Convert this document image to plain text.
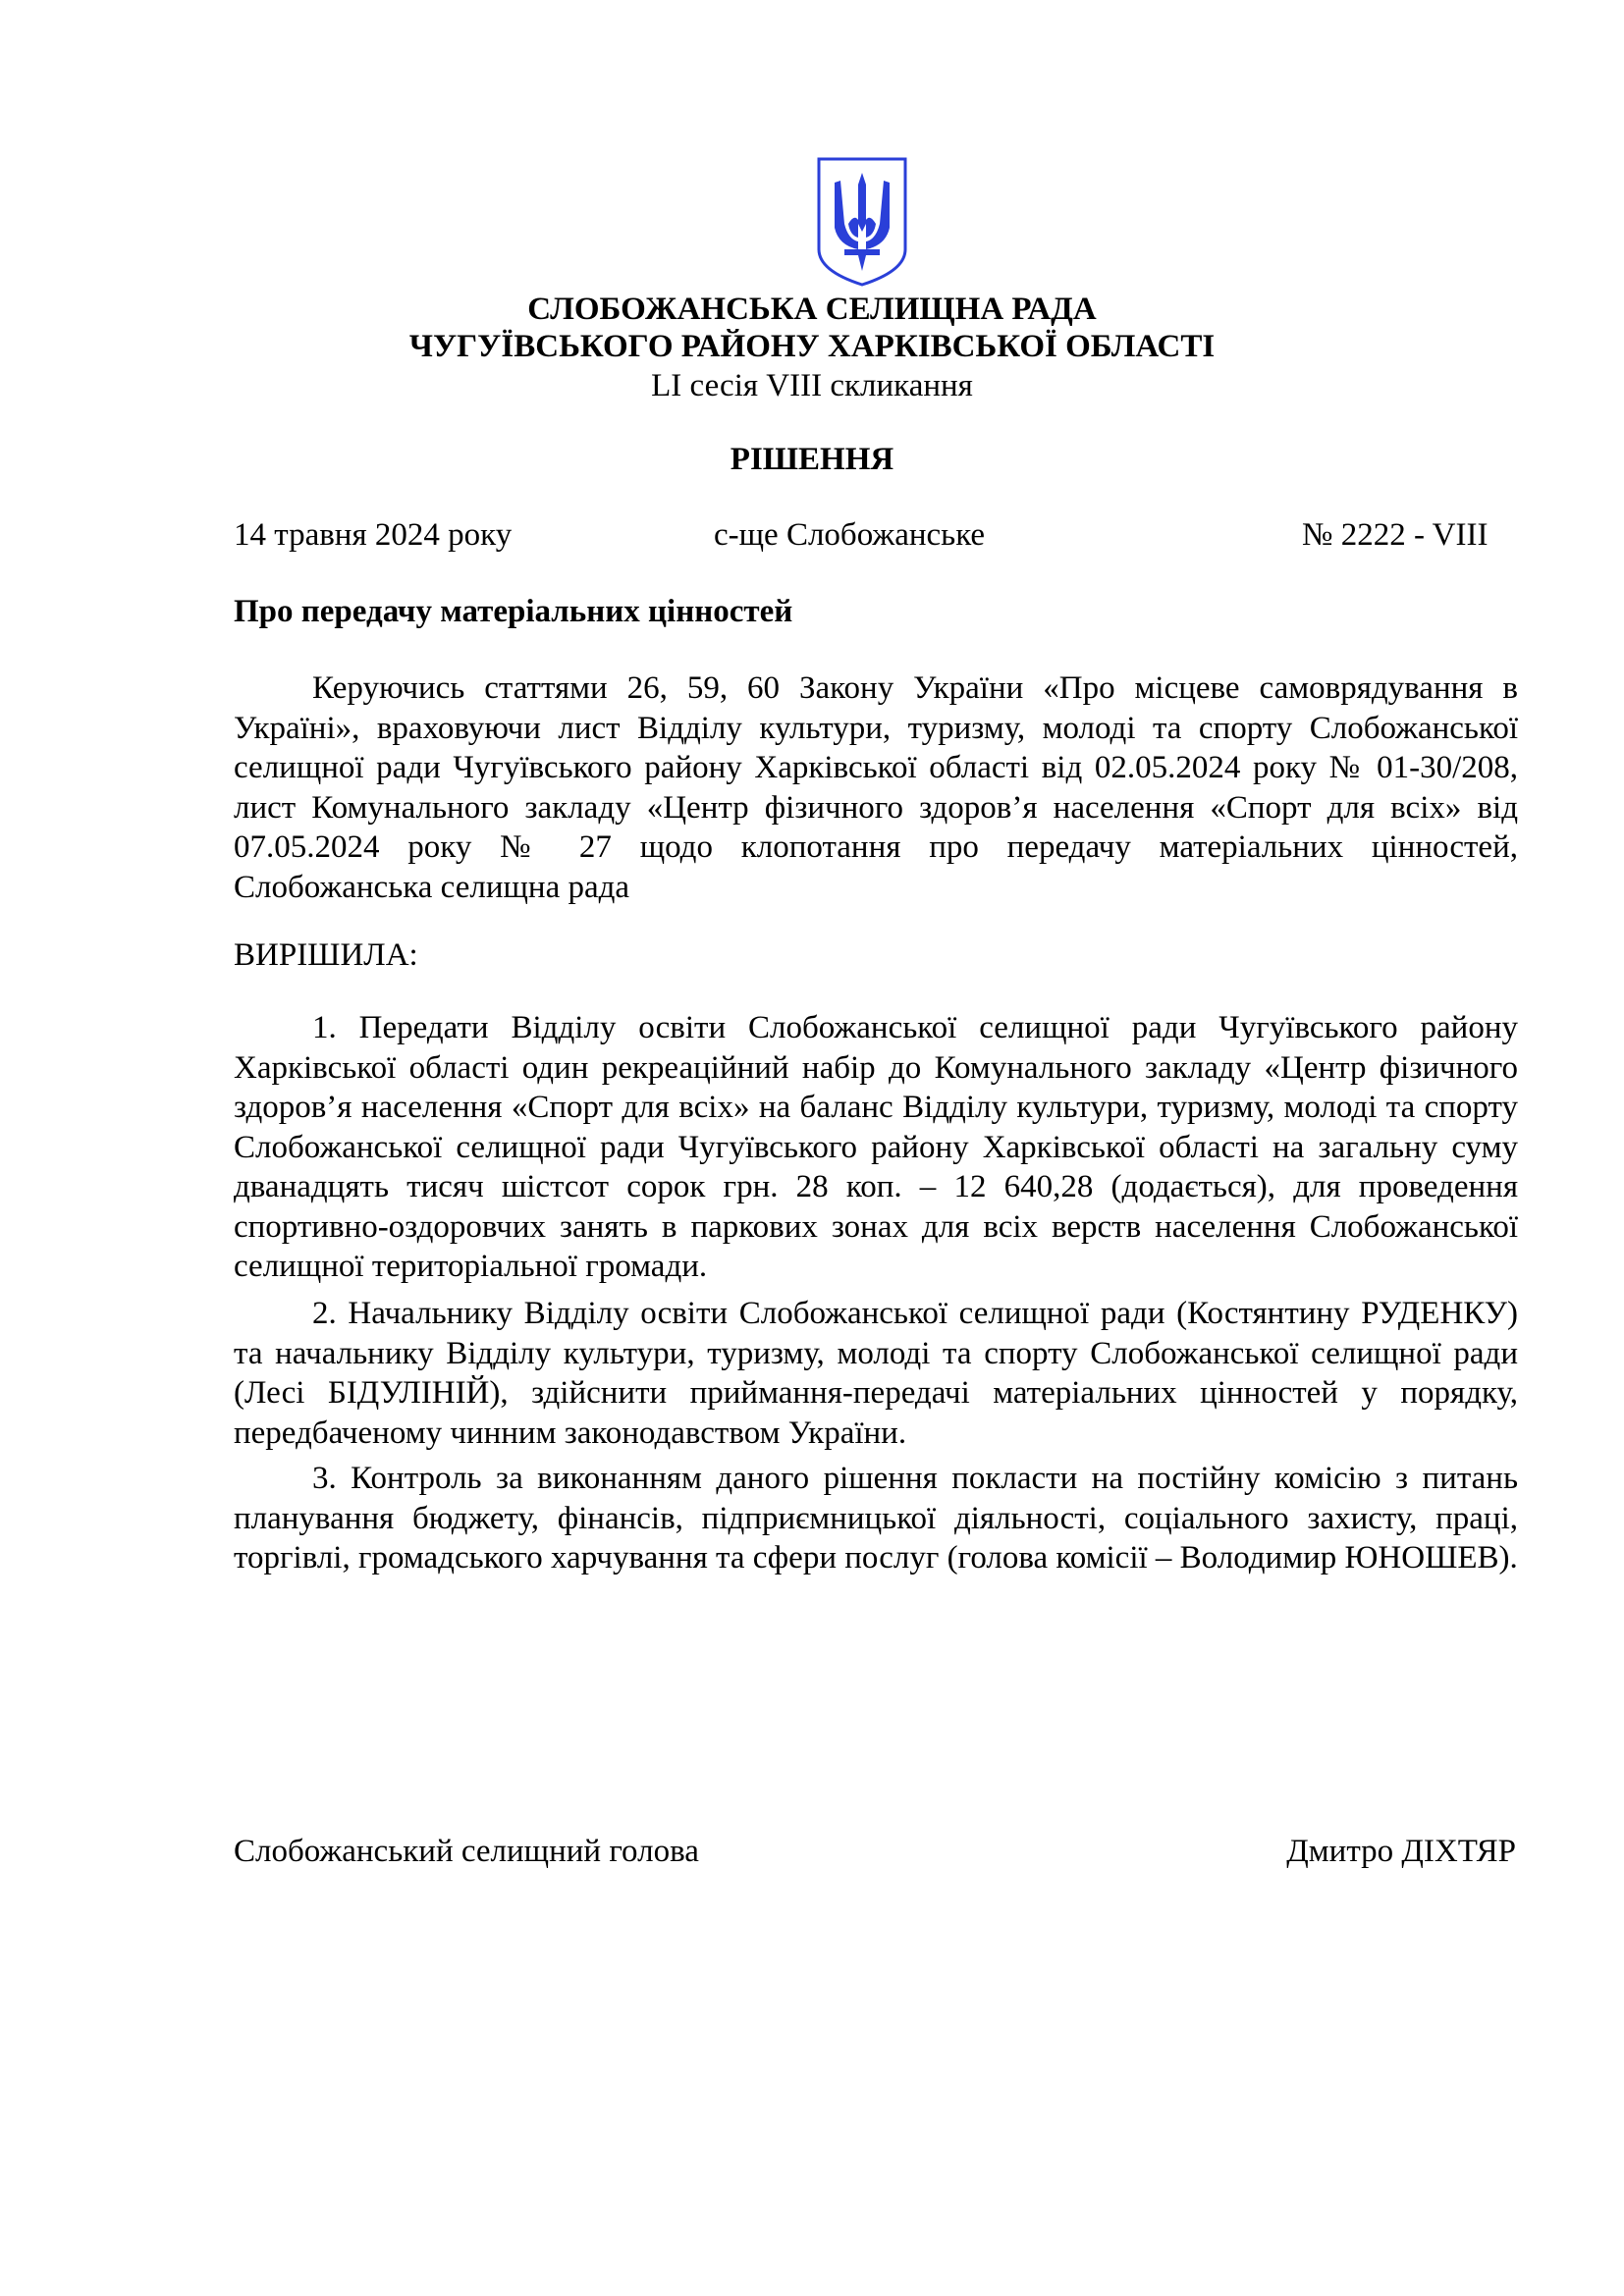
СЛОБОЖАНСЬКА СЕЛИЩНА РАДА
ЧУГУЇВСЬКОГО РАЙОНУ ХАРКІВСЬКОЇ ОБЛАСТІ
LI сесія VIII скликання
РІШЕННЯ
14 травня 2024 року	с-ще Слобожанське	№ 2222 - VIII
Про передачу матеріальних цінностей

Керуючись статтями 26, 59, 60 Закону України «Про місцеве самоврядування в Україні», враховуючи лист Відділу культури, туризму, молоді та спорту Слобожанської селищної ради Чугуївського району Харківської області від 02.05.2024 року № 01-30/208, лист Комунального закладу «Центр фізичного здоров’я населення «Спорт для всіх» від 07.05.2024 року № 27 щодо клопотання про передачу матеріальних цінностей, Слобожанська селищна рада

ВИРІШИЛА:

1. Передати Відділу освіти Слобожанської селищної ради Чугуївського району Харківської області один рекреаційний набір до Комунального закладу «Центр фізичного здоров’я населення «Спорт для всіх» на баланс Відділу культури, туризму, молоді та спорту Слобожанської селищної ради Чугуївського району Харківської області на загальну суму дванадцять тисяч шістсот сорок грн. 28 коп. – 12 640,28 (додається), для проведення спортивно-оздоровчих занять в паркових зонах для всіх верств населення Слобожанської селищної територіальної громади.

2. Начальнику Відділу освіти Слобожанської селищної ради (Костянтину РУДЕНКУ) та начальнику Відділу культури, туризму, молоді та спорту Слобожанської селищної ради (Лесі БІДУЛІНІЙ), здійснити приймання-передачі матеріальних цінностей у порядку, передбаченому чинним законодавством України.

3. Контроль за виконанням даного рішення покласти на постійну комісію з питань планування бюджету, фінансів, підприємницької діяльності, соціального захисту, праці, торгівлі, громадського харчування та сфери послуг (голова комісії – Володимир ЮНОШЕВ).

Слобожанський селищний голова	Дмитро ДІХТЯР
